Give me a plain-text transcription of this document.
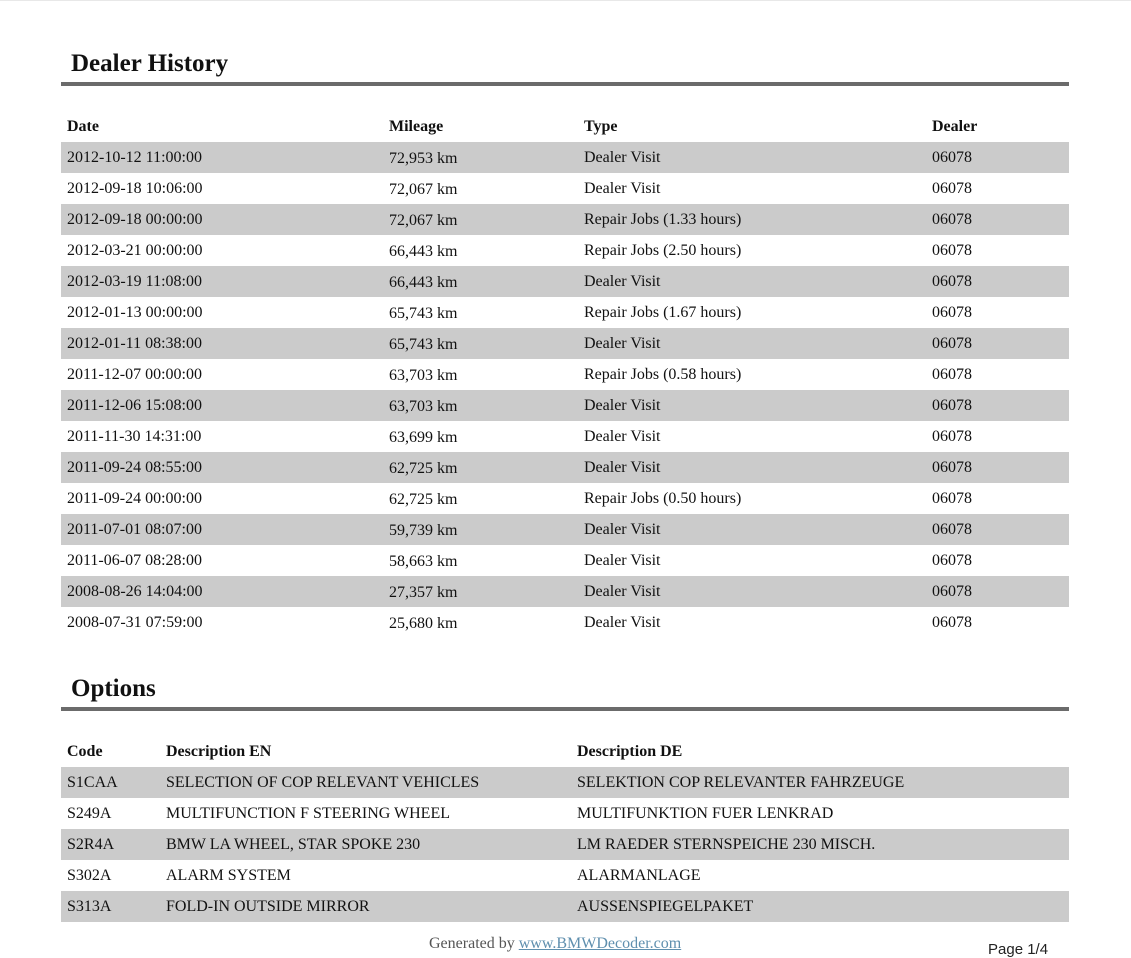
Dealer History
Date	Mileage	Type	Dealer
2012-10-12 11:00:00	72,953 km	Dealer Visit	06078
2012-09-18 10:06:00	72,067 km	Dealer Visit	06078
2012-09-18 00:00:00	72,067 km	Repair Jobs (1.33 hours)	06078
2012-03-21 00:00:00	66,443 km	Repair Jobs (2.50 hours)	06078
2012-03-19 11:08:00	66,443 km	Dealer Visit	06078
2012-01-13 00:00:00	65,743 km	Repair Jobs (1.67 hours)	06078
2012-01-11 08:38:00	65,743 km	Dealer Visit	06078
2011-12-07 00:00:00	63,703 km	Repair Jobs (0.58 hours)	06078
2011-12-06 15:08:00	63,703 km	Dealer Visit	06078
2011-11-30 14:31:00	63,699 km	Dealer Visit	06078
2011-09-24 08:55:00	62,725 km	Dealer Visit	06078
2011-09-24 00:00:00	62,725 km	Repair Jobs (0.50 hours)	06078
2011-07-01 08:07:00	59,739 km	Dealer Visit	06078
2011-06-07 08:28:00	58,663 km	Dealer Visit	06078
2008-08-26 14:04:00	27,357 km	Dealer Visit	06078
2008-07-31 07:59:00	25,680 km	Dealer Visit	06078
Options
Code	Description EN	Description DE
S1CAA	SELECTION OF COP RELEVANT VEHICLES	SELEKTION COP RELEVANTER FAHRZEUGE
S249A	MULTIFUNCTION F STEERING WHEEL	MULTIFUNKTION FUER LENKRAD
S2R4A	BMW LA WHEEL, STAR SPOKE 230	LM RAEDER STERNSPEICHE 230 MISCH.
S302A	ALARM SYSTEM	ALARMANLAGE
S313A	FOLD-IN OUTSIDE MIRROR	AUSSENSPIEGELPAKET
Generated by www.BMWDecoder.com	Page 1/4
